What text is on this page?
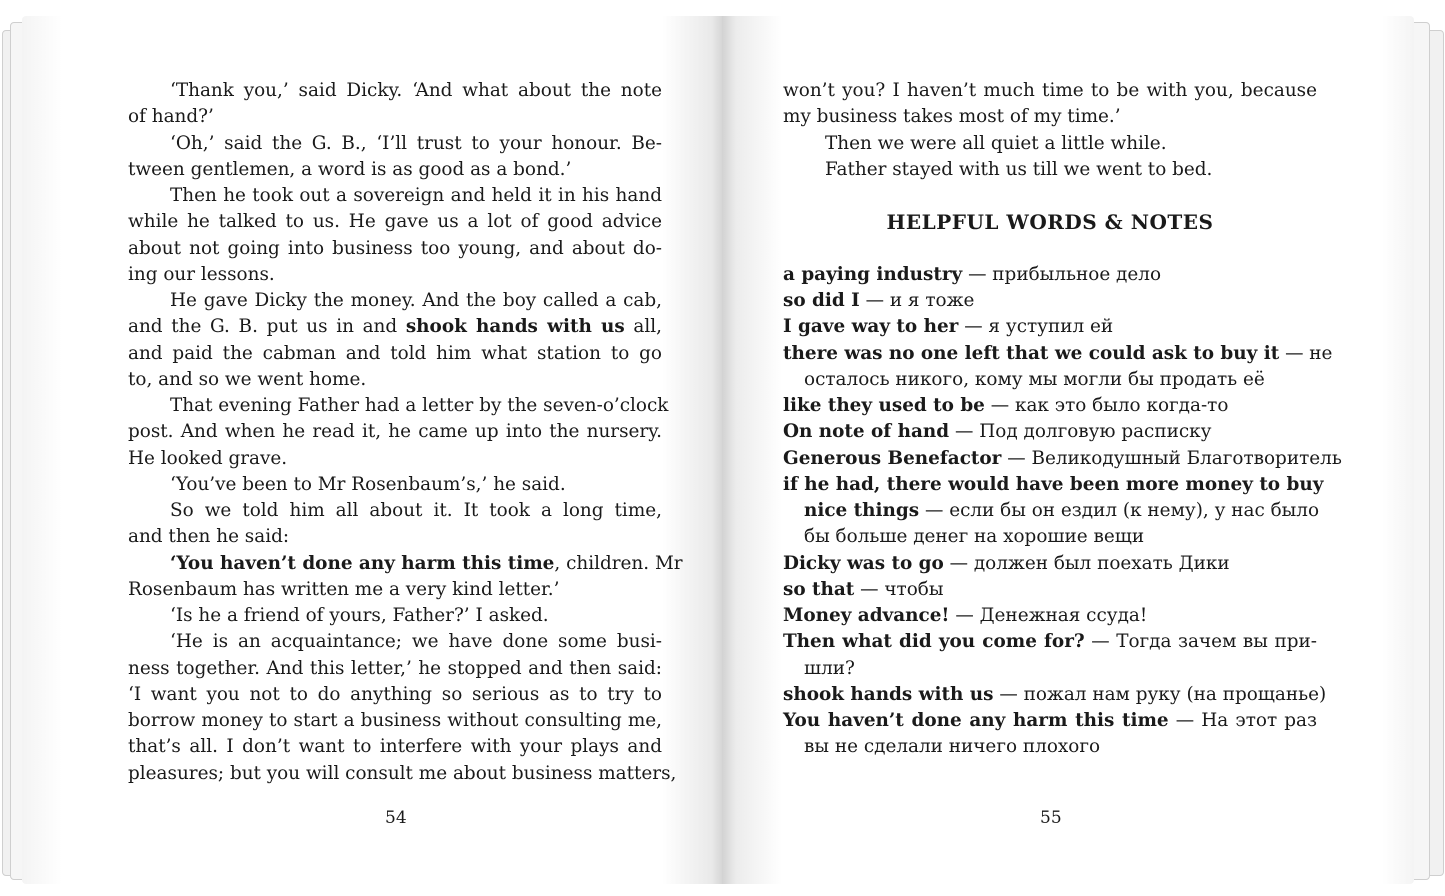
‘Thank you,’ said Dicky. ‘And what about the note
of hand?’
‘Oh,’ said the G. B., ‘I’ll trust to your honour. Be-
tween gentlemen, a word is as good as a bond.’
Then he took out a sovereign and held it in his hand
while he talked to us. He gave us a lot of good advice
about not going into business too young, and about do-
ing our lessons.
He gave Dicky the money. And the boy called a cab,
and the G. B. put us in and shook hands with us all,
and paid the cabman and told him what station to go
to, and so we went home.
That evening Father had a letter by the seven-o’clock
post. And when he read it, he came up into the nursery.
He looked grave.
‘You’ve been to Mr Rosenbaum’s,’ he said.
So we told him all about it. It took a long time,
and then he said:
‘You haven’t done any harm this time, children. Mr
Rosenbaum has written me a very kind letter.’
‘Is he a friend of yours, Father?’ I asked.
‘He is an acquaintance; we have done some busi-
ness together. And this letter,’ he stopped and then said:
‘I want you not to do anything so serious as to try to
borrow money to start a business without consulting me,
that’s all. I don’t want to interfere with your plays and
pleasures; but you will consult me about business matters,
54
won’t you? I haven’t much time to be with you, because
my business takes most of my time.’
Then we were all quiet a little while.
Father stayed with us till we went to bed.
HELPFUL WORDS & NOTES
a paying industry — прибыльное дело
so did I — и я тоже
I gave way to her — я уступил ей
there was no one left that we could ask to buy it — не
осталось никого, кому мы могли бы продать её
like they used to be — как это было когда-то
On note of hand — Под долговую расписку
Generous Benefactor — Великодушный Благотворитель
if he had, there would have been more money to buy
nice things — если бы он ездил (к нему), у нас было
бы больше денег на хорошие вещи
Dicky was to go — должен был поехать Дики
so that — чтобы
Money advance! — Денежная ссуда!
Then what did you come for? — Тогда зачем вы при-
шли?
shook hands with us — пожал нам руку (на прощанье)
You haven’t done any harm this time — На этот раз
вы не сделали ничего плохого
55
